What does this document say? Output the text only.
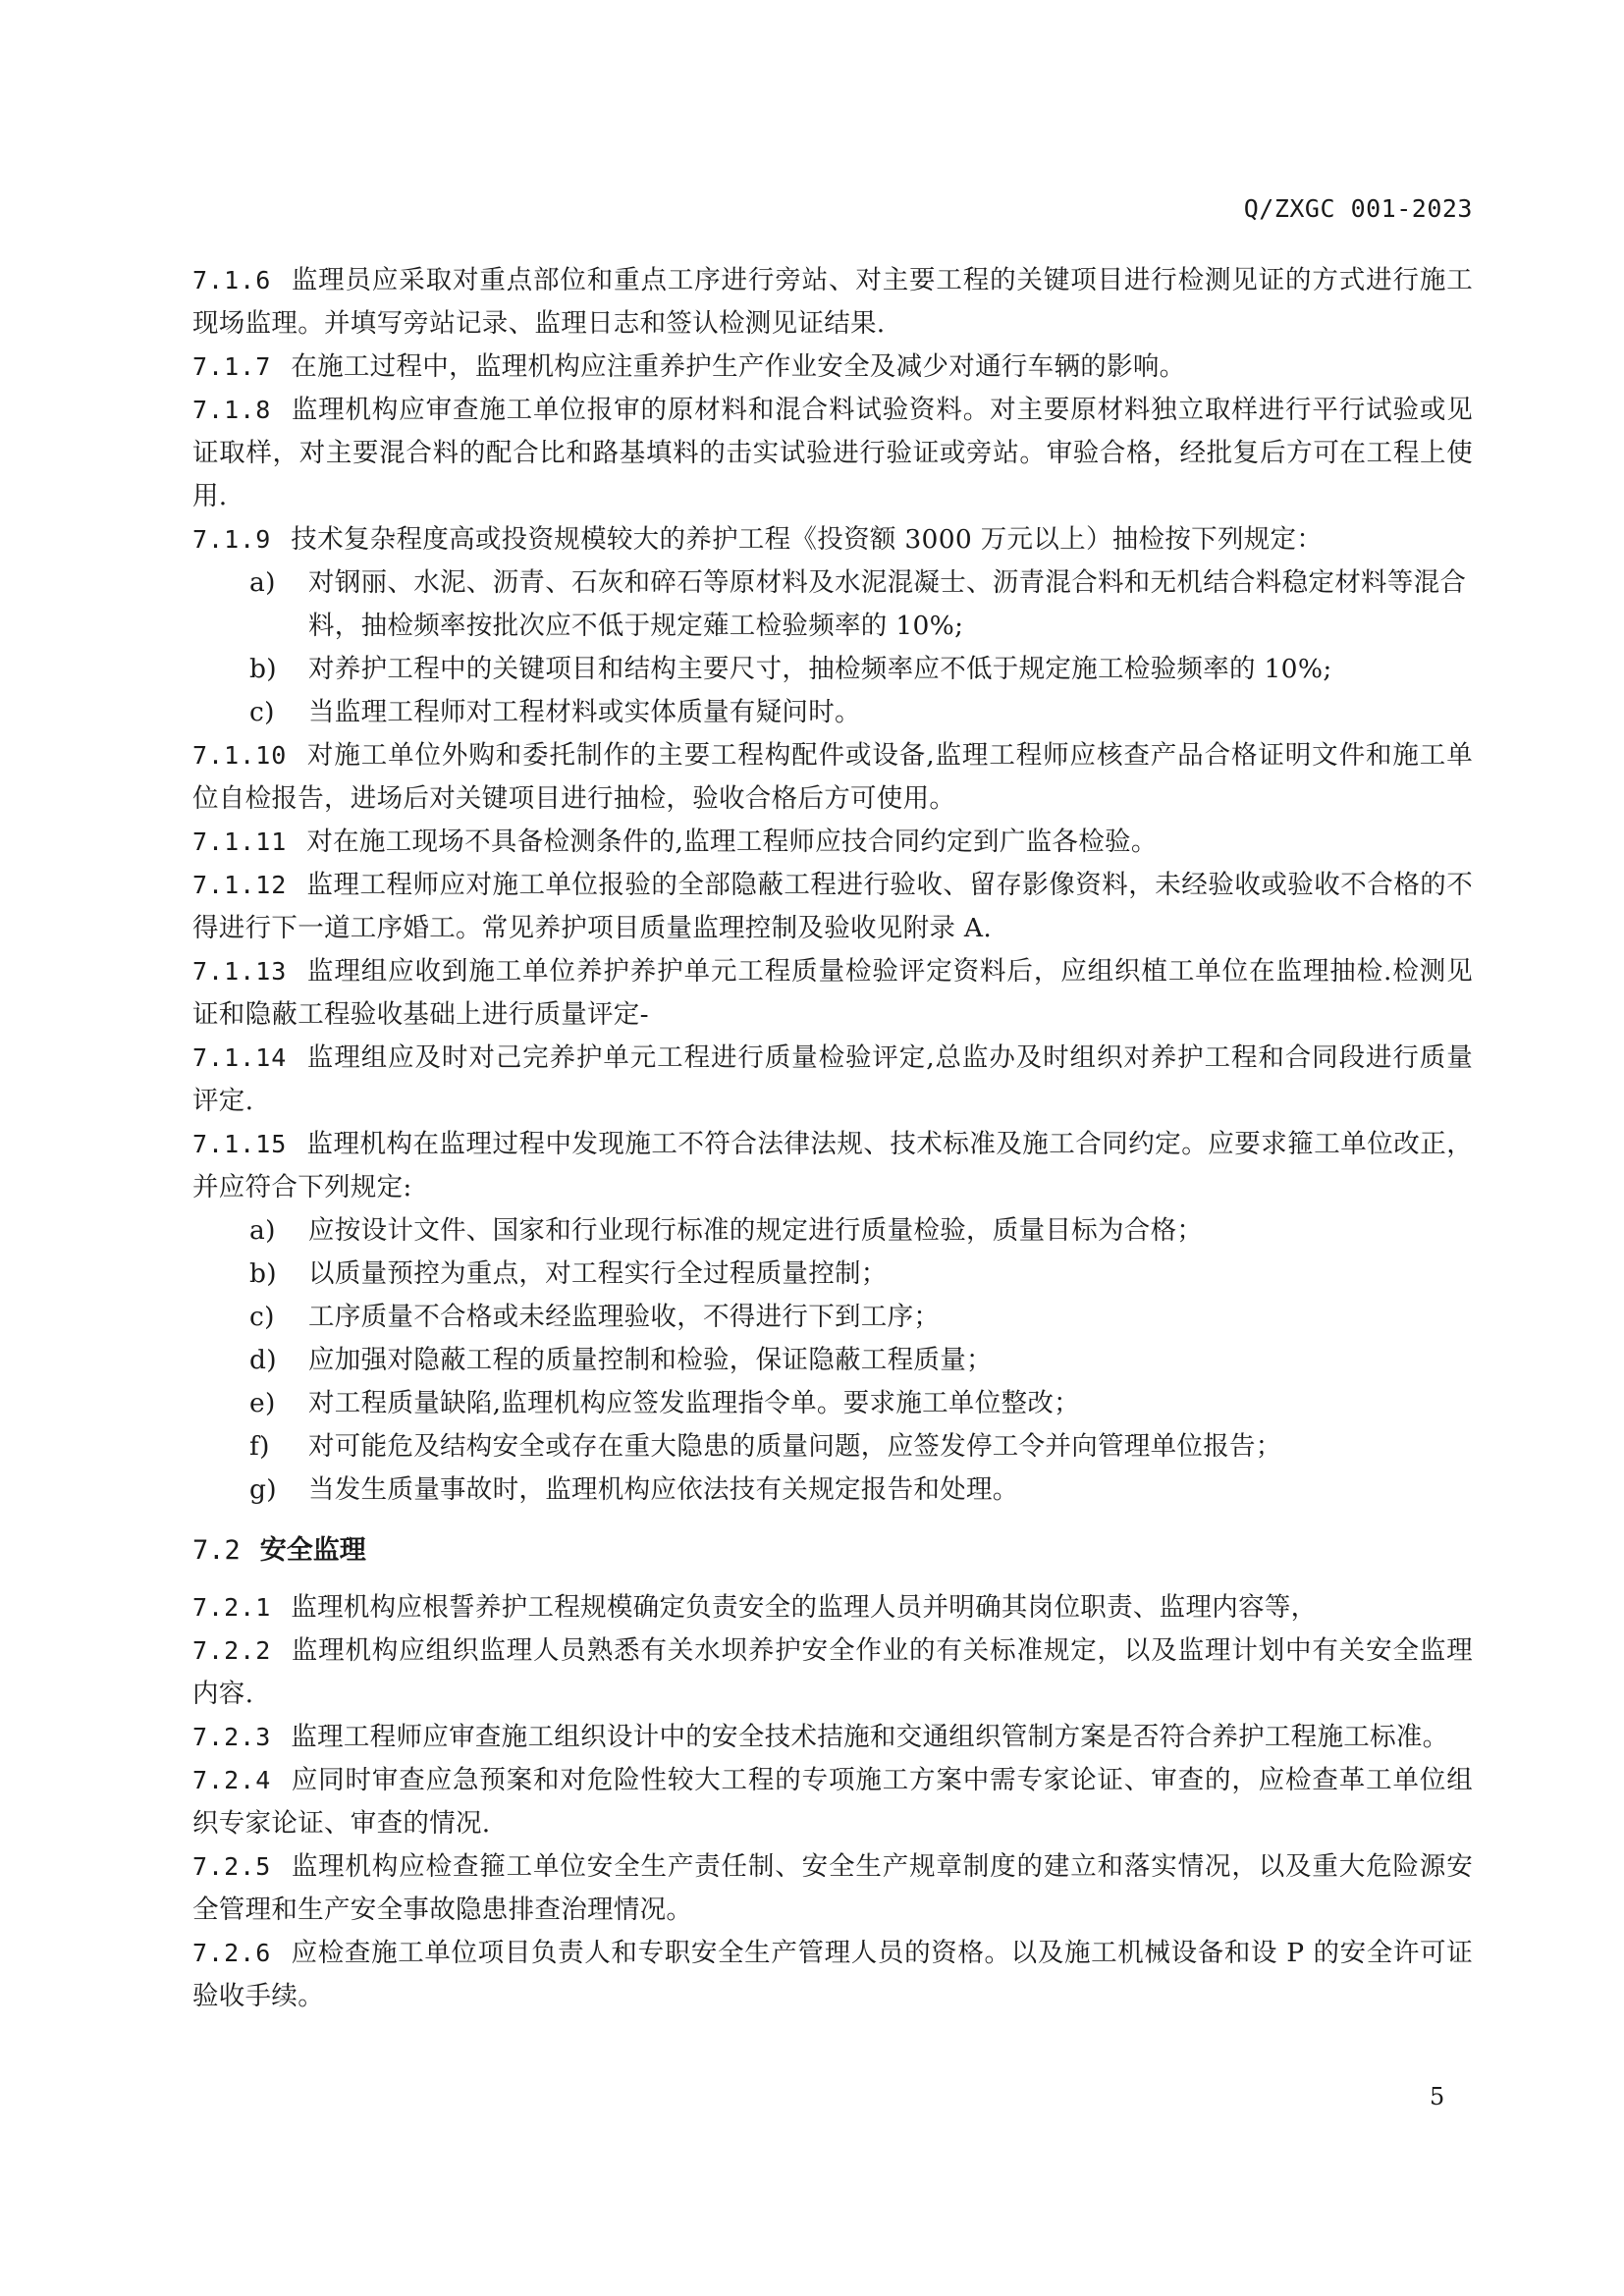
Q/ZXGC 001-2023

7.1.6 监理员应采取对重点部位和重点工序进行旁站、对主要工程的关键项目进行检测见证的方式进行施工现场监理。并填写旁站记录、监理日志和签认检测见证结果.

7.1.7 在施工过程中，监理机构应注重养护生产作业安全及减少对通行车辆的影响。

7.1.8 监理机构应审查施工单位报审的原材料和混合料试验资料。对主要原材料独立取样进行平行试验或见证取样，对主要混合料的配合比和路基填料的击实试验进行验证或旁站。审验合格，经批复后方可在工程上使用.

7.1.9 技术复杂程度高或投资规模较大的养护工程《投资额 3000 万元以上）抽检按下列规定：

a) 对钢丽、水泥、沥青、石灰和碎石等原材料及水泥混凝士、沥青混合料和无机结合料稳定材料等混合料，抽检频率按批次应不低于规定薙工检验频率的 10%;

b) 对养护工程中的关键项目和结构主要尺寸，抽检频率应不低于规定施工检验频率的 10%;

c) 当监理工程师对工程材料或实体质量有疑问时。

7.1.10 对施工单位外购和委托制作的主要工程构配件或设备,监理工程师应核查产品合格证明文件和施工单位自检报告，进场后对关键项目进行抽检，验收合格后方可使用。

7.1.11 对在施工现场不具备检测条件的,监理工程师应技合同约定到广监各检验。

7.1.12 监理工程师应对施工单位报验的全部隐蔽工程进行验收、留存影像资料，未经验收或验收不合格的不得进行下一道工序婚工。常见养护项目质量监理控制及验收见附录 A.

7.1.13 监理组应收到施工单位养护养护单元工程质量检验评定资料后，应组织植工单位在监理抽检.检测见证和隐蔽工程验收基础上进行质量评定-

7.1.14 监理组应及时对己完养护单元工程进行质量检验评定,总监办及时组织对养护工程和合同段进行质量评定.

7.1.15 监理机构在监理过程中发现施工不符合法律法规、技术标准及施工合同约定。应要求箍工单位改正，并应符合下列规定:

a) 应按设计文件、国家和行业现行标准的规定进行质量检验，质量目标为合格；

b) 以质量预控为重点，对工程实行全过程质量控制；

c) 工序质量不合格或未经监理验收，不得进行下到工序；

d) 应加强对隐蔽工程的质量控制和检验，保证隐蔽工程质量；

e) 对工程质量缺陷,监理机构应签发监理指令单。要求施工单位整改；

f) 对可能危及结构安全或存在重大隐患的质量问题，应签发停工令并向管理单位报告；

g) 当发生质量事故时，监理机构应依法技有关规定报告和处理。

7.2 安全监理

7.2.1 监理机构应根誓养护工程规模确定负责安全的监理人员并明确其岗位职责、监理内容等，

7.2.2 监理机构应组织监理人员熟悉有关水坝养护安全作业的有关标准规定，以及监理计划中有关安全监理内容.

7.2.3 监理工程师应审查施工组织设计中的安全技术拮施和交通组织管制方案是否符合养护工程施工标准。

7.2.4 应同时审查应急预案和对危险性较大工程的专项施工方案中需专家论证、审查的，应检查革工单位组织专家论证、审查的情况.

7.2.5 监理机构应检查箍工单位安全生产责任制、安全生产规章制度的建立和落实情况，以及重大危险源安全管理和生产安全事故隐患排查治理情况。

7.2.6 应检查施工单位项目负责人和专职安全生产管理人员的资格。以及施工机械设备和设 P 的安全许可证验收手续。

5
